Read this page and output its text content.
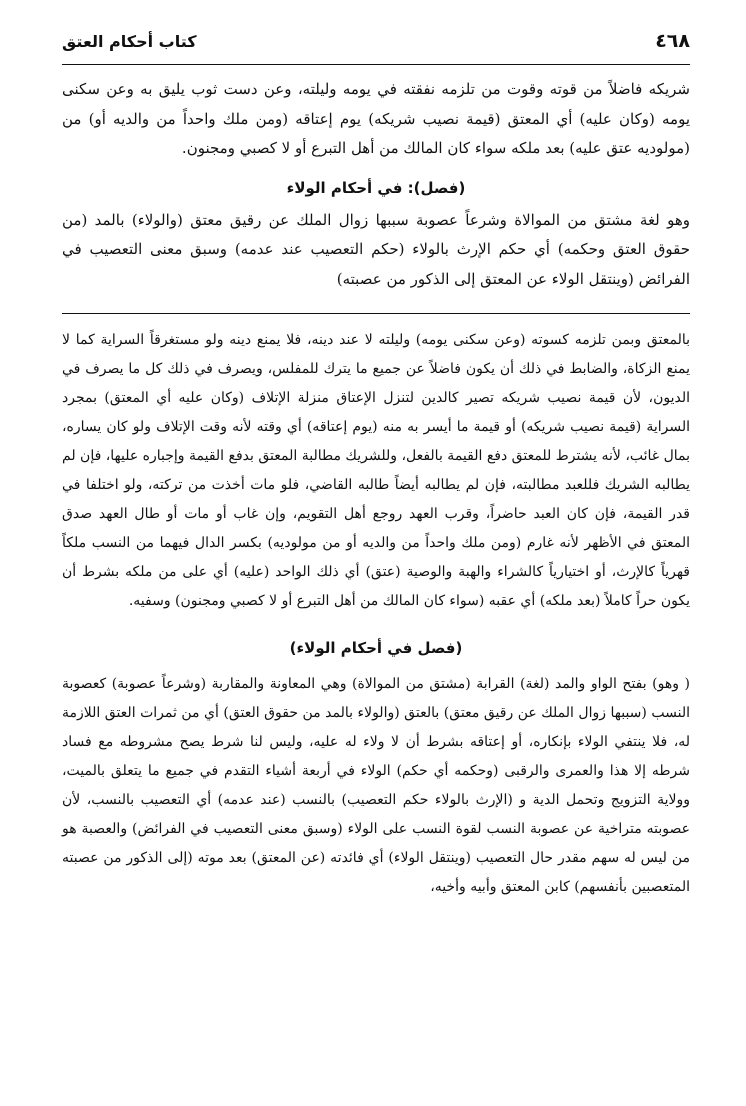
٤٦٨
كتاب أحكام العتق

شريكه فاضلاً من قوته وقوت من تلزمه نفقته في يومه وليلته، وعن دست ثوب يليق به وعن سكنى يومه (وكان عليه) أي المعتق (قيمة نصيب شريكه) يوم إعتاقه (ومن ملك واحداً من والديه أو) من (مولوديه عتق عليه) بعد ملكه سواء كان المالك من أهل التبرع أو لا كصبي ومجنون.

(فصل): في أحكام الولاء

وهو لغة مشتق من الموالاة وشرعاً عصوبة سببها زوال الملك عن رقيق معتق (والولاء) بالمد (من حقوق العتق وحكمه) أي حكم الإرث بالولاء (حكم التعصيب عند عدمه) وسبق معنى التعصيب في الفرائض (وينتقل الولاء عن المعتق إلى الذكور من عصبته)

بالمعتق وبمن تلزمه كسوته (وعن سكنى يومه) وليلته لا عند دينه، فلا يمنع دينه ولو مستغرقاً السراية كما لا يمنع الزكاة، والضابط في ذلك أن يكون فاضلاً عن جميع ما يترك للمفلس، ويصرف في ذلك كل ما يصرف في الديون، لأن قيمة نصيب شريكه تصير كالدين لتنزل الإعتاق منزلة الإتلاف (وكان عليه أي المعتق) بمجرد السراية (قيمة نصيب شريكه) أو قيمة ما أيسر به منه (يوم إعتاقه) أي وقته لأنه وقت الإتلاف ولو كان يساره، بمال غائب، لأنه يشترط للمعتق دفع القيمة بالفعل، وللشريك مطالبة المعتق بدفع القيمة وإجباره عليها، فإن لم يطالبه الشريك فللعبد مطالبته، فإن لم يطالبه أيضاً طالبه القاضي، فلو مات أخذت من تركته، ولو اختلفا في قدر القيمة، فإن كان العبد حاضراً، وقرب العهد روجع أهل التقويم، وإن غاب أو مات أو طال العهد صدق المعتق في الأظهر لأنه غارم (ومن ملك واحداً من والديه أو من مولوديه) بكسر الدال فيهما من النسب ملكاً قهرياً كالإرث، أو اختيارياً كالشراء والهبة والوصية (عتق) أي ذلك الواحد (عليه) أي على من ملكه بشرط أن يكون حراً كاملاً (بعد ملكه) أي عقبه (سواء كان المالك من أهل التبرع أو لا كصبي ومجنون) وسفيه.

(فصل في أحكام الولاء)

( وهو) بفتح الواو والمد (لغة) القرابة (مشتق من الموالاة) وهي المعاونة والمقاربة (وشرعاً عصوبة) كعصوبة النسب (سببها زوال الملك عن رقيق معتق) بالعتق (والولاء بالمد من حقوق العتق) أي من ثمرات العتق اللازمة له، فلا ينتفي الولاء بإنكاره، أو إعتاقه بشرط أن لا ولاء له عليه، وليس لنا شرط يصح مشروطه مع فساد شرطه إلا هذا والعمرى والرقبى (وحكمه أي حكم) الولاء في أربعة أشياء التقدم في جميع ما يتعلق بالميت، وولاية التزويج وتحمل الدية و (الإرث بالولاء حكم التعصيب) بالنسب (عند عدمه) أي التعصيب بالنسب، لأن عصوبته متراخية عن عصوبة النسب لقوة النسب على الولاء (وسبق معنى التعصيب في الفرائض) والعصبة هو من ليس له سهم مقدر حال التعصيب (وينتقل الولاء) أي فائدته (عن المعتق) بعد موته (إلى الذكور من عصبته المتعصبين بأنفسهم) كابن المعتق وأبيه وأخيه،
